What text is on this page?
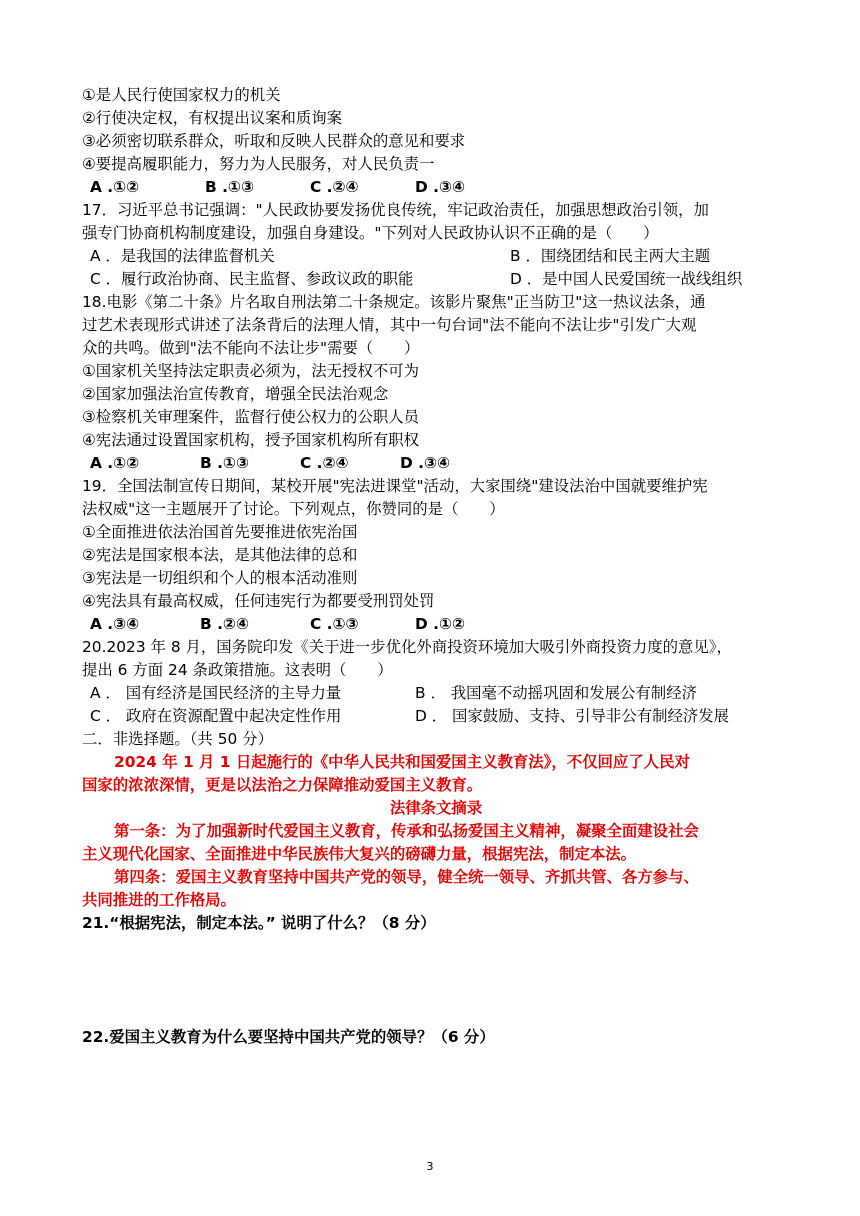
①是人民行使国家权力的机关
②行使决定权，有权提出议案和质询案
③必须密切联系群众，听取和反映人民群众的意见和要求
④要提高履职能力，努力为人民服务，对人民负责一
A .①②	B .①③	C .②④	D .③④
17．习近平总书记强调："人民政协要发扬优良传统，牢记政治责任，加强思想政治引领，加
强专门协商机构制度建设，加强自身建设。"下列对人民政协认识不正确的是（　　）
A ．是我国的法律监督机关	B ．围绕团结和民主两大主题
C ．履行政治协商、民主监督、参政议政的职能	D ．是中国人民爱国统一战线组织
18.电影《第二十条》片名取自刑法第二十条规定。该影片聚焦"正当防卫"这一热议法条，通
过艺术表现形式讲述了法条背后的法理人情，其中一句台词"法不能向不法让步"引发广大观
众的共鸣。做到"法不能向不法让步"需要（　　）
①国家机关坚持法定职责必须为，法无授权不可为
②国家加强法治宣传教育，增强全民法治观念
③检察机关审理案件，监督行使公权力的公职人员
④宪法通过设置国家机构，授予国家机构所有职权
A .①②	B .①③	C .②④	D .③④
19．全国法制宣传日期间，某校开展"宪法进课堂"活动，大家围绕"建设法治中国就要维护宪
法权威"这一主题展开了讨论。下列观点，你赞同的是（　　）
①全面推进依法治国首先要推进依宪治国
②宪法是国家根本法，是其他法律的总和
③宪法是一切组织和个人的根本活动准则
④宪法具有最高权威，任何违宪行为都要受刑罚处罚
A .③④	B .②④	C .①③	D .①②
20.2023 年 8 月，国务院印发《关于进一步优化外商投资环境加大吸引外商投资力度的意见》，
提出 6 方面 24 条政策措施。这表明（　　）
A ． 国有经济是国民经济的主导力量	B ． 我国毫不动摇巩固和发展公有制经济
C ． 政府在资源配置中起决定性作用	D ． 国家鼓励、支持、引导非公有制经济发展
二．非选择题。（共 50 分）
2024 年 1 月 1 日起施行的《中华人民共和国爱国主义教育法》，不仅回应了人民对
国家的浓浓深情，更是以法治之力保障推动爱国主义教育。
法律条文摘录
第一条：为了加强新时代爱国主义教育，传承和弘扬爱国主义精神，凝聚全面建设社会
主义现代化国家、全面推进中华民族伟大复兴的磅礴力量，根据宪法，制定本法。
第四条：爱国主义教育坚持中国共产党的领导，健全统一领导、齐抓共管、各方参与、
共同推进的工作格局。
21.“根据宪法，制定本法。” 说明了什么？（8 分）
22.爱国主义教育为什么要坚持中国共产党的领导？（6 分）
3
